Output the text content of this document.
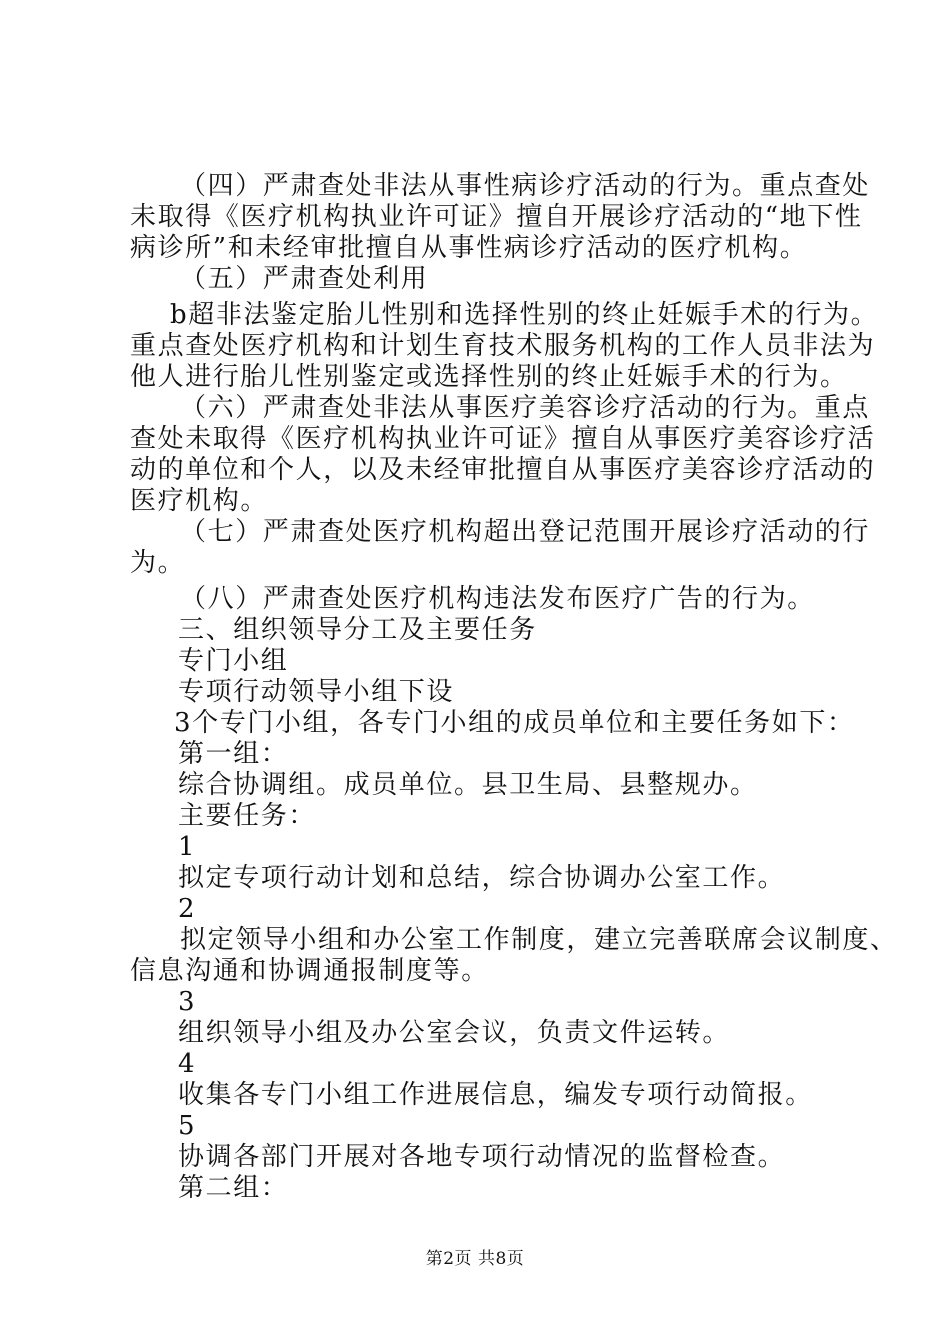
（四）严肃查处非法从事性病诊疗活动的行为。重点查处
未取得《医疗机构执业许可证》擅自开展诊疗活动的“地下性
病诊所”和未经审批擅自从事性病诊疗活动的医疗机构。
（五）严肃查处利用
b超非法鉴定胎儿性别和选择性别的终止妊娠手术的行为。
重点查处医疗机构和计划生育技术服务机构的工作人员非法为
他人进行胎儿性别鉴定或选择性别的终止妊娠手术的行为。
（六）严肃查处非法从事医疗美容诊疗活动的行为。重点
查处未取得《医疗机构执业许可证》擅自从事医疗美容诊疗活
动的单位和个人，以及未经审批擅自从事医疗美容诊疗活动的
医疗机构。
（七）严肃查处医疗机构超出登记范围开展诊疗活动的行
为。
（八）严肃查处医疗机构违法发布医疗广告的行为。
三、组织领导分工及主要任务
专门小组
专项行动领导小组下设
3个专门小组，各专门小组的成员单位和主要任务如下：
第一组：
综合协调组。成员单位。县卫生局、县整规办。
主要任务：
1
拟定专项行动计划和总结，综合协调办公室工作。
2
拟定领导小组和办公室工作制度，建立完善联席会议制度、
信息沟通和协调通报制度等。
3
组织领导小组及办公室会议，负责文件运转。
4
收集各专门小组工作进展信息，编发专项行动简报。
5
协调各部门开展对各地专项行动情况的监督检查。
第二组：
第2页 共8页
